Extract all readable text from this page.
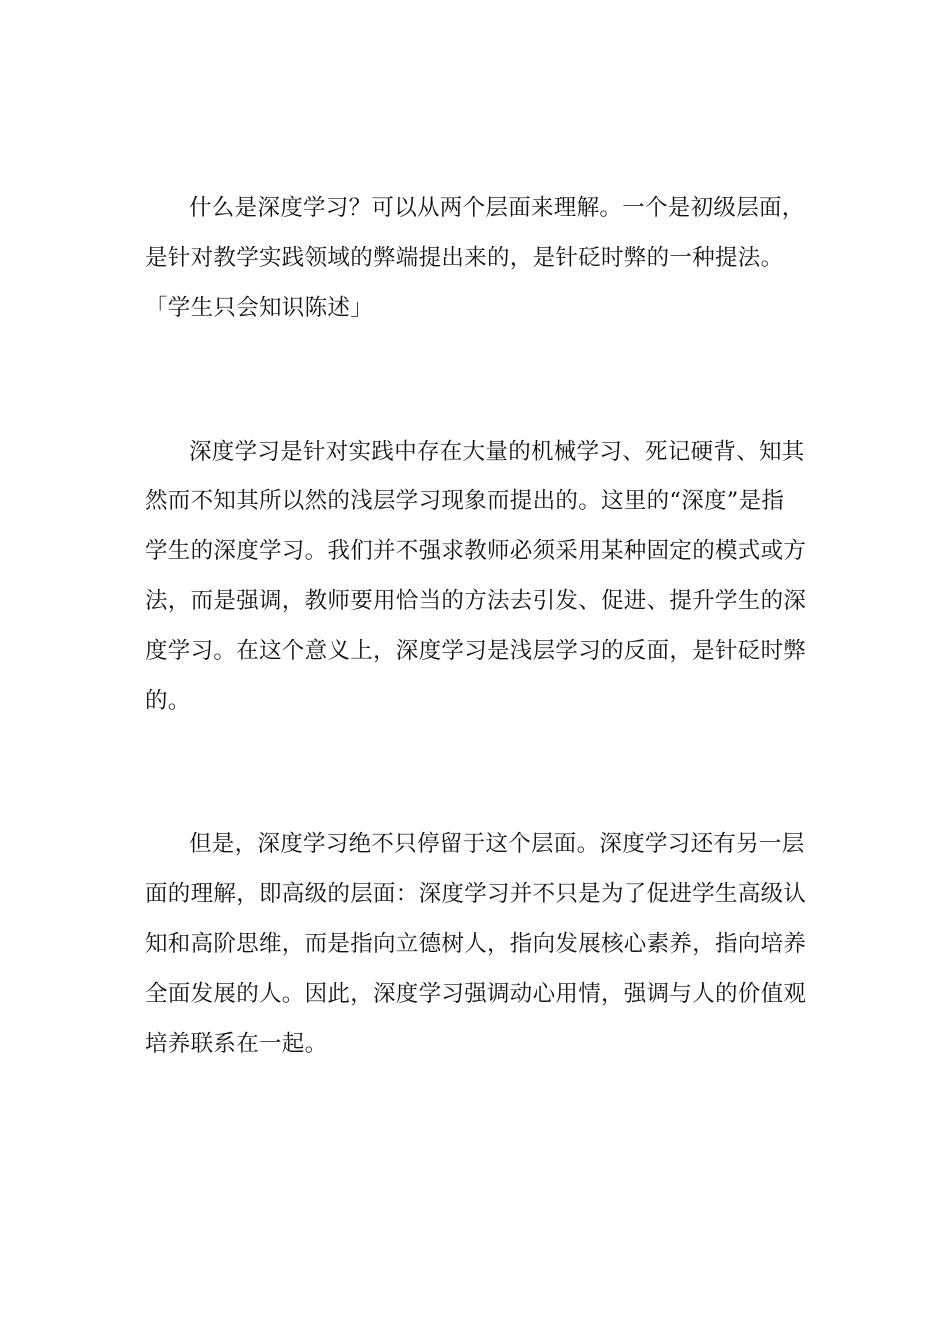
什么是深度学习？可以从两个层面来理解。一个是初级层面，
是针对教学实践领域的弊端提出来的，是针砭时弊的一种提法。
「学生只会知识陈述」
深度学习是针对实践中存在大量的机械学习、死记硬背、知其
然而不知其所以然的浅层学习现象而提出的。这里的“深度”是指
学生的深度学习。我们并不强求教师必须采用某种固定的模式或方
法，而是强调，教师要用恰当的方法去引发、促进、提升学生的深
度学习。在这个意义上，深度学习是浅层学习的反面，是针砭时弊
的。
但是，深度学习绝不只停留于这个层面。深度学习还有另一层
面的理解，即高级的层面：深度学习并不只是为了促进学生高级认
知和高阶思维，而是指向立德树人，指向发展核心素养，指向培养
全面发展的人。因此，深度学习强调动心用情，强调与人的价值观
培养联系在一起。
